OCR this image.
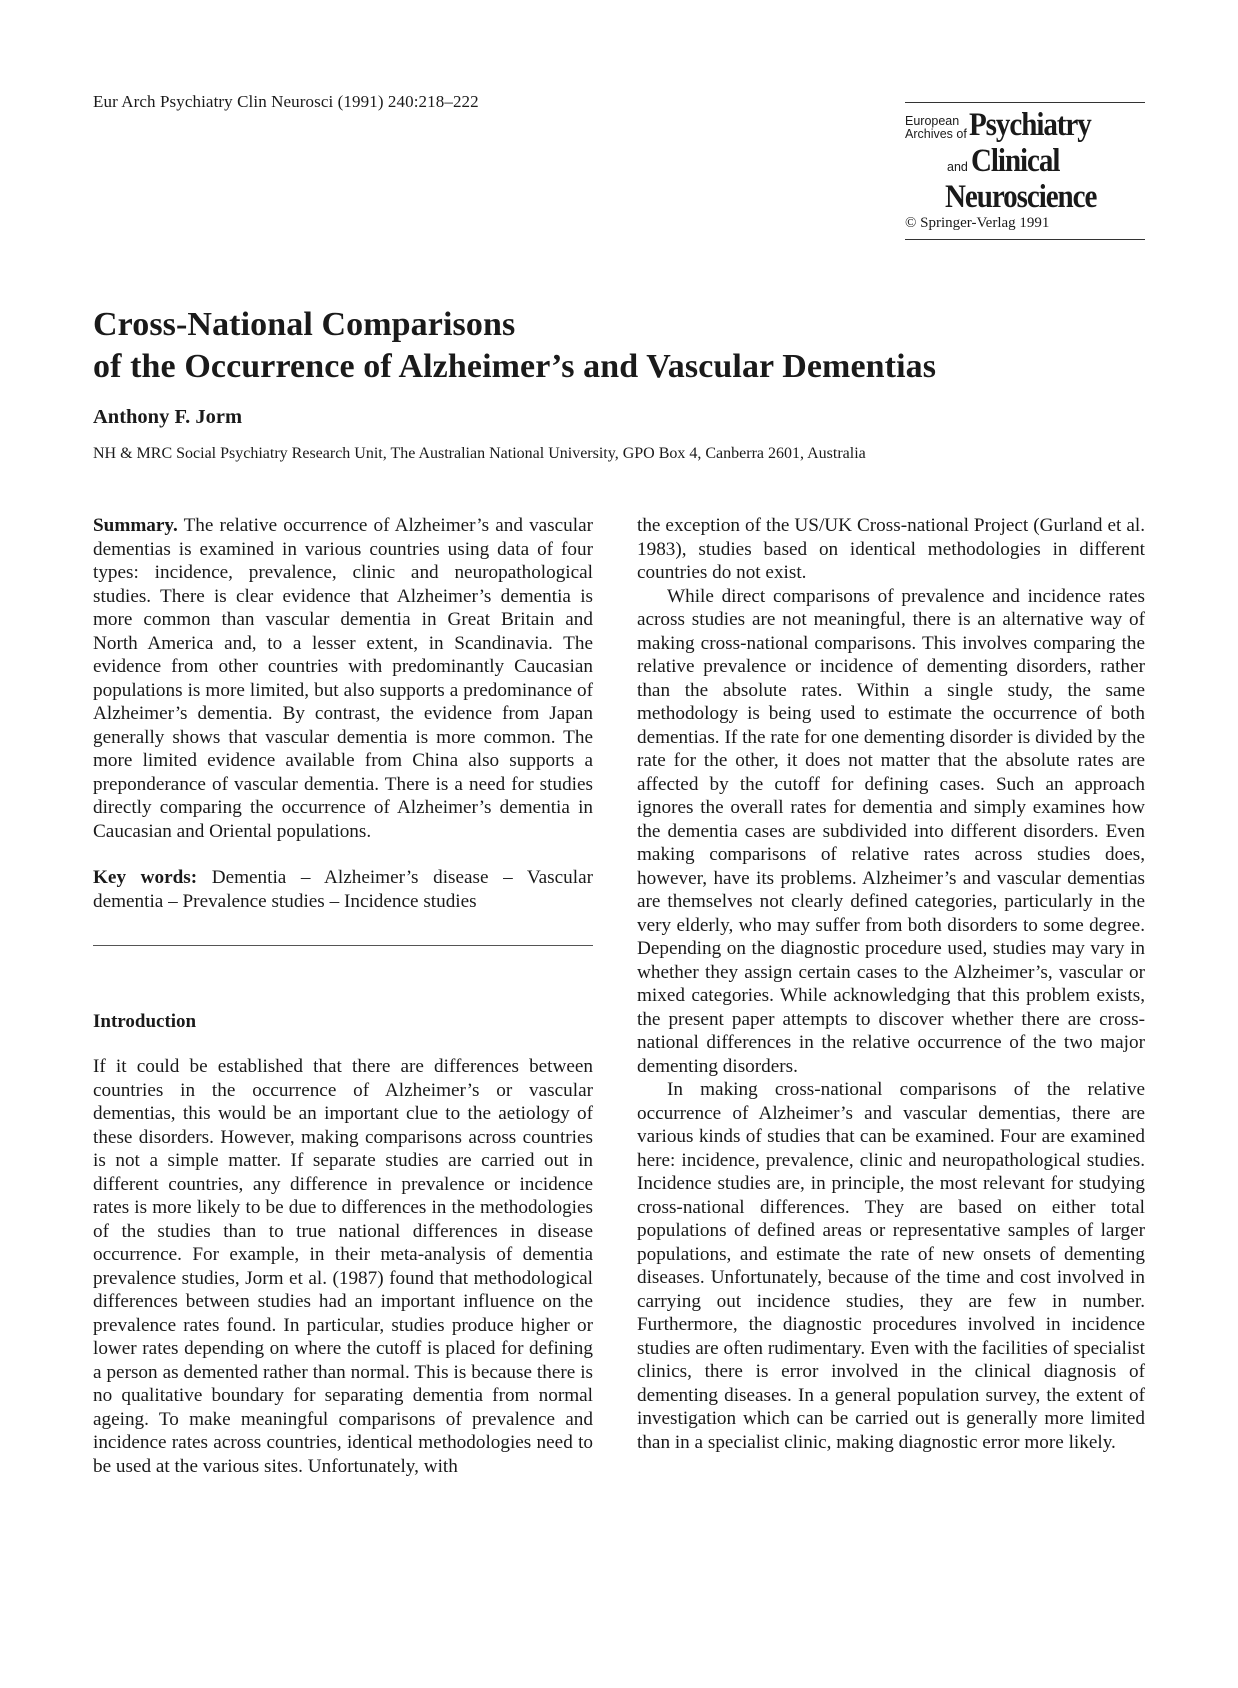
Eur Arch Psychiatry Clin Neurosci (1991) 240:218–222
European
Archives of Psychiatry
and Clinical
Neuroscience
© Springer-Verlag 1991
Cross-National Comparisons
of the Occurrence of Alzheimer’s and Vascular Dementias
Anthony F. Jorm
NH & MRC Social Psychiatry Research Unit, The Australian National University, GPO Box 4, Canberra 2601, Australia

Summary. The relative occurrence of Alzheimer’s and vascular dementias is examined in various countries using data of four types: incidence, prevalence, clinic and neuropathological studies. There is clear evidence that Alzheimer’s dementia is more common than vascular dementia in Great Britain and North America and, to a lesser extent, in Scandinavia. The evidence from other countries with predominantly Caucasian populations is more limited, but also supports a predominance of Alzheimer’s dementia. By contrast, the evidence from Japan generally shows that vascular dementia is more common. The more limited evidence available from China also supports a preponderance of vascular dementia. There is a need for studies directly comparing the occurrence of Alzheimer’s dementia in Caucasian and Oriental populations.

Key words: Dementia – Alzheimer’s disease – Vascular dementia – Prevalence studies – Incidence studies

Introduction

If it could be established that there are differences between countries in the occurrence of Alzheimer’s or vascular dementias, this would be an important clue to the aetiology of these disorders. However, making comparisons across countries is not a simple matter. If separate studies are carried out in different countries, any difference in prevalence or incidence rates is more likely to be due to differences in the methodologies of the studies than to true national differences in disease occurrence. For example, in their meta-analysis of dementia prevalence studies, Jorm et al. (1987) found that methodological differences between studies had an important influence on the prevalence rates found. In particular, studies produce higher or lower rates depending on where the cutoff is placed for defining a person as demented rather than normal. This is because there is no qualitative boundary for separating dementia from normal ageing. To make meaningful comparisons of prevalence and incidence rates across countries, identical methodologies need to be used at the various sites. Unfortunately, with

the exception of the US/UK Cross-national Project (Gurland et al. 1983), studies based on identical methodologies in different countries do not exist.

While direct comparisons of prevalence and incidence rates across studies are not meaningful, there is an alternative way of making cross-national comparisons. This involves comparing the relative prevalence or incidence of dementing disorders, rather than the absolute rates. Within a single study, the same methodology is being used to estimate the occurrence of both dementias. If the rate for one dementing disorder is divided by the rate for the other, it does not matter that the absolute rates are affected by the cutoff for defining cases. Such an approach ignores the overall rates for dementia and simply examines how the dementia cases are subdivided into different disorders. Even making comparisons of relative rates across studies does, however, have its problems. Alzheimer’s and vascular dementias are themselves not clearly defined categories, particularly in the very elderly, who may suffer from both disorders to some degree. Depending on the diagnostic procedure used, studies may vary in whether they assign certain cases to the Alzheimer’s, vascular or mixed categories. While acknowledging that this problem exists, the present paper attempts to discover whether there are cross-national differences in the relative occurrence of the two major dementing disorders.

In making cross-national comparisons of the relative occurrence of Alzheimer’s and vascular dementias, there are various kinds of studies that can be examined. Four are examined here: incidence, prevalence, clinic and neuropathological studies. Incidence studies are, in principle, the most relevant for studying cross-national differences. They are based on either total populations of defined areas or representative samples of larger populations, and estimate the rate of new onsets of dementing diseases. Unfortunately, because of the time and cost involved in carrying out incidence studies, they are few in number. Furthermore, the diagnostic procedures involved in incidence studies are often rudimentary. Even with the facilities of specialist clinics, there is error involved in the clinical diagnosis of dementing diseases. In a general population survey, the extent of investigation which can be carried out is generally more limited than in a specialist clinic, making diagnostic error more likely.
